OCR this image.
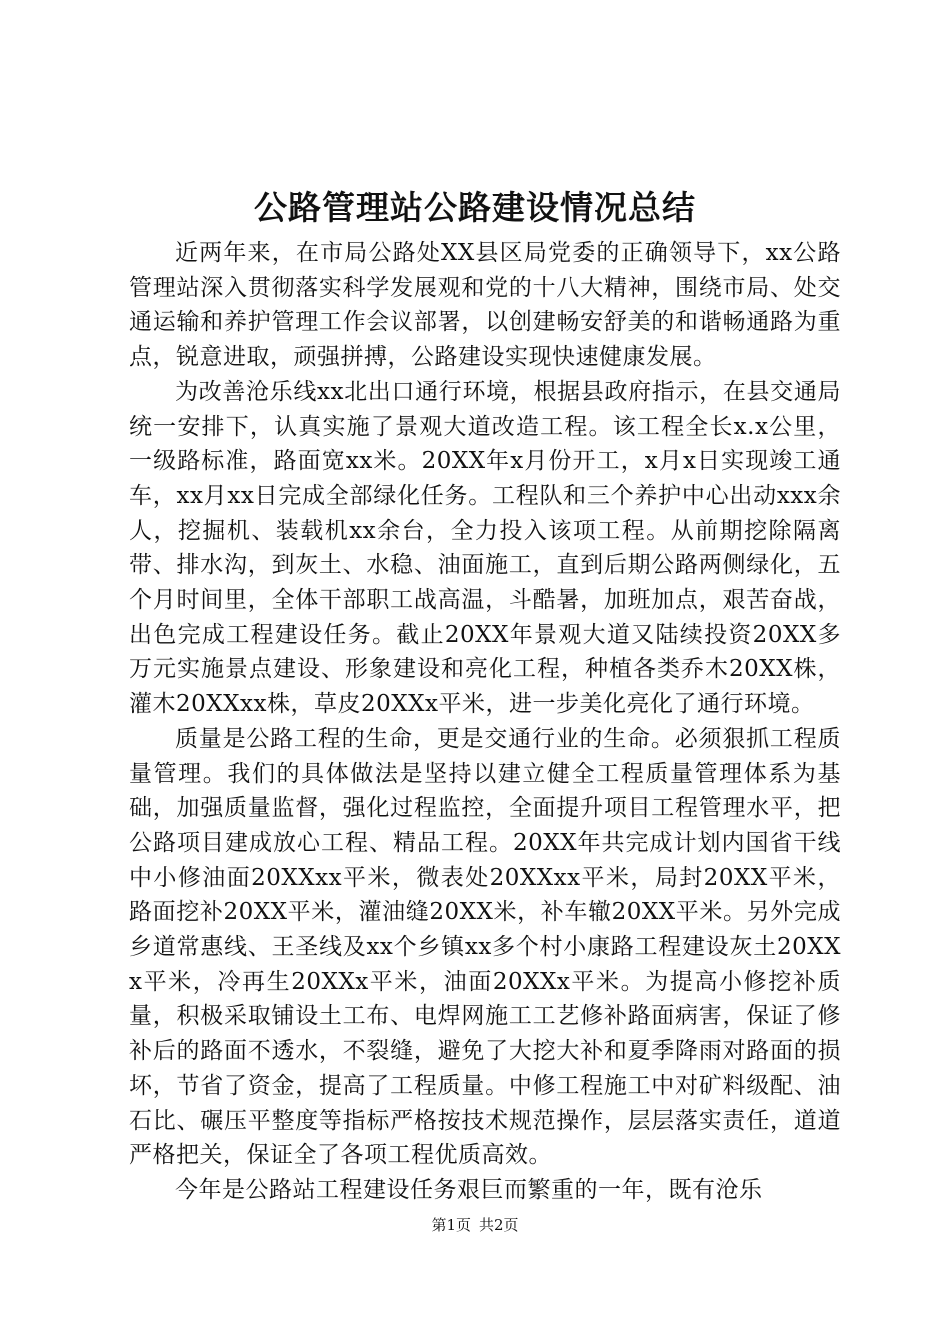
公路管理站公路建设情况总结

近两年来，在市局公路处XX县区局党委的正确领导下，xx公路管理站深入贯彻落实科学发展观和党的十八大精神，围绕市局、处交通运输和养护管理工作会议部署，以创建畅安舒美的和谐畅通路为重点，锐意进取，顽强拼搏，公路建设实现快速健康发展。

为改善沧乐线xx北出口通行环境，根据县政府指示，在县交通局统一安排下，认真实施了景观大道改造工程。该工程全长x.x公里，一级路标准，路面宽xx米。20XX年x月份开工，x月x日实现竣工通车，xx月xx日完成全部绿化任务。工程队和三个养护中心出动xxx余人，挖掘机、装载机xx余台，全力投入该项工程。从前期挖除隔离带、排水沟，到灰土、水稳、油面施工，直到后期公路两侧绿化，五个月时间里，全体干部职工战高温，斗酷暑，加班加点，艰苦奋战，出色完成工程建设任务。截止20XX年景观大道又陆续投资20XX多万元实施景点建设、形象建设和亮化工程，种植各类乔木20XX株，灌木20XXxx株，草皮20XXx平米，进一步美化亮化了通行环境。

质量是公路工程的生命，更是交通行业的生命。必须狠抓工程质量管理。我们的具体做法是坚持以建立健全工程质量管理体系为基础，加强质量监督，强化过程监控，全面提升项目工程管理水平，把公路项目建成放心工程、精品工程。20XX年共完成计划内国省干线中小修油面20XXxx平米，微表处20XXxx平米，局封20XX平米，路面挖补20XX平米，灌油缝20XX米，补车辙20XX平米。另外完成乡道常惠线、王圣线及xx个乡镇xx多个村小康路工程建设灰土20XXx平米，冷再生20XXx平米，油面20XXx平米。为提高小修挖补质量，积极采取铺设土工布、电焊网施工工艺修补路面病害，保证了修补后的路面不透水，不裂缝，避免了大挖大补和夏季降雨对路面的损坏，节省了资金，提高了工程质量。中修工程施工中对矿料级配、油石比、碾压平整度等指标严格按技术规范操作，层层落实责任，道道严格把关，保证全了各项工程优质高效。

今年是公路站工程建设任务艰巨而繁重的一年，既有沧乐

第1页 共2页
